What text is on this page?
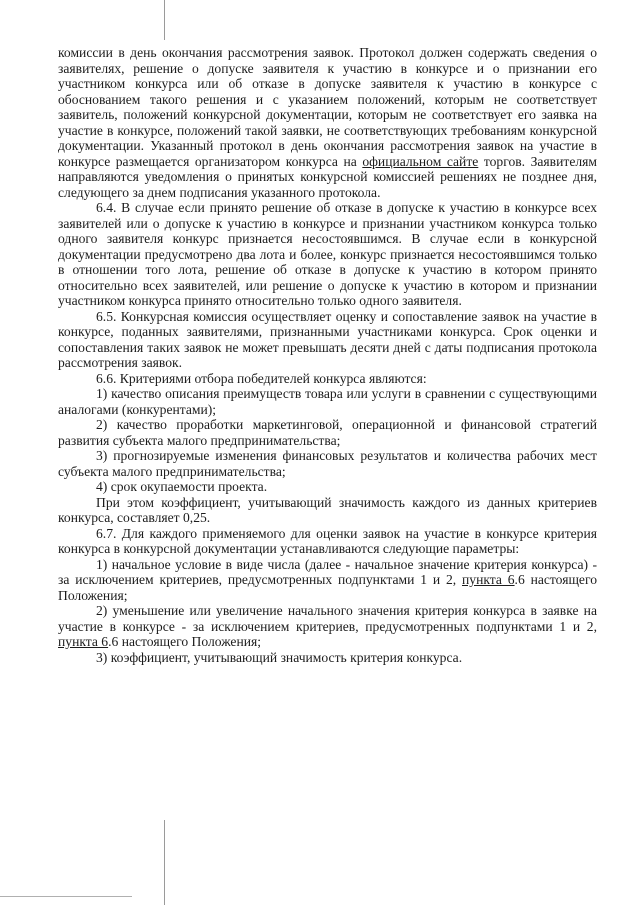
комиссии в день окончания рассмотрения заявок. Протокол должен содержать сведения о заявителях, решение о допуске заявителя к участию в конкурсе и о признании его участником конкурса или об отказе в допуске заявителя к участию в конкурсе с обоснованием такого решения и с указанием положений, которым не соответствует заявитель, положений конкурсной документации, которым не соответствует его заявка на участие в конкурсе, положений такой заявки, не соответствующих требованиям конкурсной документации. Указанный протокол в день окончания рассмотрения заявок на участие в конкурсе размещается организатором конкурса на официальном сайте торгов. Заявителям направляются уведомления о принятых конкурсной комиссией решениях не позднее дня, следующего за днем подписания указанного протокола.

6.4. В случае если принято решение об отказе в допуске к участию в конкурсе всех заявителей или о допуске к участию в конкурсе и признании участником конкурса только одного заявителя конкурс признается несостоявшимся. В случае если в конкурсной документации предусмотрено два лота и более, конкурс признается несостоявшимся только в отношении того лота, решение об отказе в допуске к участию в котором принято относительно всех заявителей, или решение о допуске к участию в котором и признании участником конкурса принято относительно только одного заявителя.

6.5. Конкурсная комиссия осуществляет оценку и сопоставление заявок на участие в конкурсе, поданных заявителями, признанными участниками конкурса. Срок оценки и сопоставления таких заявок не может превышать десяти дней с даты подписания протокола рассмотрения заявок.

6.6. Критериями отбора победителей конкурса являются:

1) качество описания преимуществ товара или услуги в сравнении с существующими аналогами (конкурентами);

2) качество проработки маркетинговой, операционной и финансовой стратегий развития субъекта малого предпринимательства;

3) прогнозируемые изменения финансовых результатов и количества рабочих мест субъекта малого предпринимательства;

4) срок окупаемости проекта.

При этом коэффициент, учитывающий значимость каждого из данных критериев конкурса, составляет 0,25.

6.7. Для каждого применяемого для оценки заявок на участие в конкурсе критерия конкурса в конкурсной документации устанавливаются следующие параметры:

1) начальное условие в виде числа (далее - начальное значение критерия конкурса) - за исключением критериев, предусмотренных подпунктами 1 и 2, пункта 6.6 настоящего Положения;

2) уменьшение или увеличение начального значения критерия конкурса в заявке на участие в конкурсе - за исключением критериев, предусмотренных подпунктами 1 и 2, пункта 6.6 настоящего Положения;

3) коэффициент, учитывающий значимость критерия конкурса.
